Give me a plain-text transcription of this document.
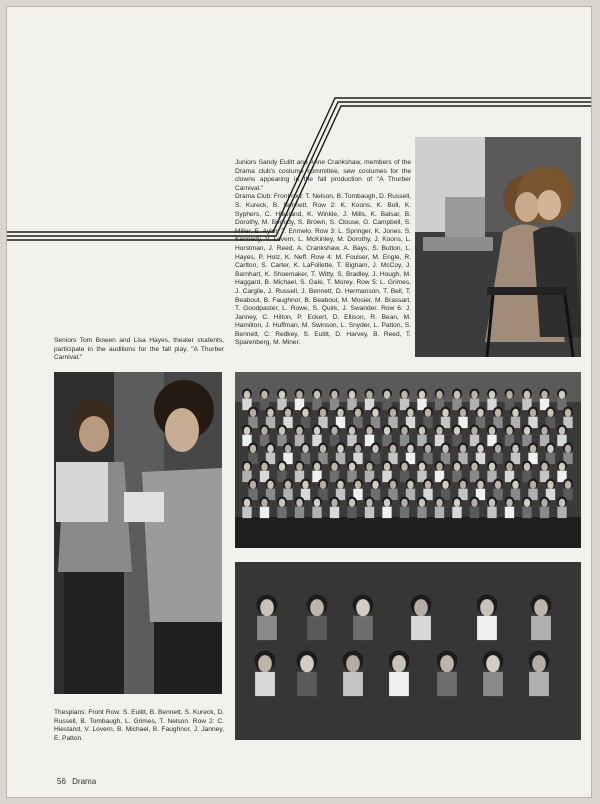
Juniors Sandy Eulitt and Anne Crankshaw, members of the Drama club's costume committee, sew costumes for the clowns appearing in the fall production of "A Thurber Carnival."

Drama Club: Front row: T. Nelson, B. Tombaugh, D. Russell, S. Kureck, B. Bennett. Row 2: K. Koons, K. Boll, K. Syphers, C. Hiestand, K. Winkle, J. Mills, K. Balsar, B. Dorothy, M. Beoudy, S. Brown, S. Clouse, G. Campbell, S. Miller, E. Aylor, T. Enmelo. Row 3: L. Springer, K. Jones, S. Kennedy, V. Lovern, L. McKinley, M. Dorothy, J. Koons, L. Horstman, J. Reed, A. Crankshaw, A. Bays, S. Button, L. Hayes, P. Holz, K. Neff. Row 4: M. Foulser, M. Engle, R. Carlton, S. Carter, K. LaFollette, T. Bigham, J. McCoy, J. Barnhart, K. Shoemaker, T. Witty, S. Bradley, J. Hough, M. Haggard, B. Michael, S. Gale, T. Morey. Row 5: L. Grimes, J. Cargile, J. Russell, J. Bennett, D. Hermanson, T. Bell, T. Beabout, B. Faughnor, B. Beabout, M. Mosier, M. Brassart, T. Goodpaster, L. Rowe, S. Quirk, J. Swander. Row 6: J. Janney, C. Hilton, P. Eckert, D. Ellison, R. Bean, M. Hamilton, J. Huffman, M. Swinson, L. Snyder, L. Patton, S. Bennett, C. Redkey, S. Eulitt, D. Harvey, B. Reed, T. Sparenberg, M. Miner.

Seniors Tom Bowen and Lisa Hayes, theater students, participate in the auditions for the fall play, "A Thurber Carnival."

Thespians: Front Row: S. Eulitt, B. Bennett, S. Kureck, D. Russell, B. Tombaugh, L. Grimes, T. Nelson. Row 2: C. Hiestand, V. Lovern, B. Michael, B. Faughnor, J. Janney, E. Patton.

56 Drama
